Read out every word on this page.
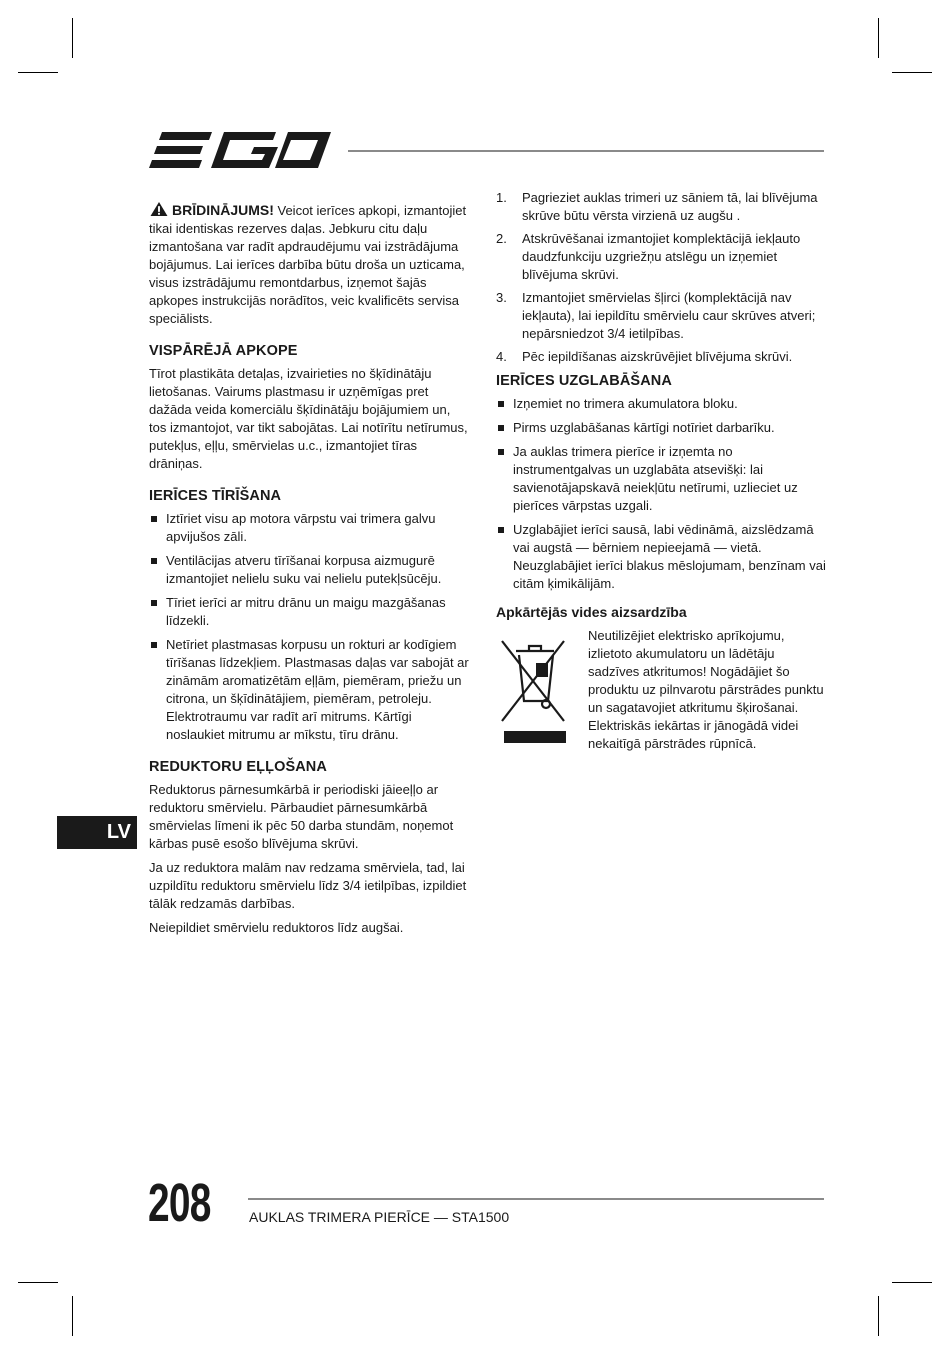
BRĪDINĀJUMS! Veicot ierīces apkopi, izmantojiet tikai identiskas rezerves daļas. Jebkuru citu daļu izmantošana var radīt apdraudējumu vai izstrādājuma bojājumus. Lai ierīces darbība būtu droša un uzticama, visus izstrādājumu remontdarbus, izņemot šajās apkopes instrukcijās norādītos, veic kvalificēts servisa speciālists.

VISPĀRĒJĀ APKOPE

Tīrot plastikāta detaļas, izvairieties no šķīdinātāju lietošanas. Vairums plastmasu ir uzņēmīgas pret dažāda veida komerciālu šķīdinātāju bojājumiem un, tos izmantojot, var tikt sabojātas. Lai notīrītu netīrumus, putekļus, eļļu, smērvielas u.c., izmantojiet tīras drāniņas.

IERĪCES TĪRĪŠANA
Iztīriet visu ap motora vārpstu vai trimera galvu apvijušos zāli.
Ventilācijas atveru tīrīšanai korpusa aizmugurē izmantojiet nelielu suku vai nelielu putekļsūcēju.
Tīriet ierīci ar mitru drānu un maigu mazgāšanas līdzekli.
Netīriet plastmasas korpusu un rokturi ar kodīgiem tīrīšanas līdzekļiem. Plastmasas daļas var sabojāt ar zināmām aromatizētām eļļām, piemēram, priežu un citrona, un šķīdinātājiem, piemēram, petroleju. Elektrotraumu var radīt arī mitrums. Kārtīgi noslaukiet mitrumu ar mīkstu, tīru drānu.
REDUKTORU EĻĻOŠANA

Reduktorus pārnesumkārbā ir periodiski jāieeļļo ar reduktoru smērvielu. Pārbaudiet pārnesumkārbā smērvielas līmeni ik pēc 50 darba stundām, noņemot kārbas pusē esošo blīvējuma skrūvi.

Ja uz reduktora malām nav redzama smērviela, tad, lai uzpildītu reduktoru smērvielu līdz 3/4 ietilpības, izpildiet tālāk redzamās darbības.

Neiepildiet smērvielu reduktoros līdz augšai.

1. Pagrieziet auklas trimeri uz sāniem tā, lai blīvējuma skrūve būtu vērsta virzienā uz augšu .
2. Atskrūvēšanai izmantojiet komplektācijā iekļauto daudzfunkciju uzgriežņu atslēgu un izņemiet blīvējuma skrūvi.
3. Izmantojiet smērvielas šļirci (komplektācijā nav iekļauta), lai iepildītu smērvielu caur skrūves atveri; nepārsniedzot 3/4 ietilpības.
4. Pēc iepildīšanas aizskrūvējiet blīvējuma skrūvi.
IERĪCES UZGLABĀŠANA
Izņemiet no trimera akumulatora bloku.
Pirms uzglabāšanas kārtīgi notīriet darbarīku.
Ja auklas trimera pierīce ir izņemta no instrumentgalvas un uzglabāta atsevišķi: lai savienotājapskavā neiekļūtu netīrumi, uzlieciet uz pierīces vārpstas uzgali.
Uzglabājiet ierīci sausā, labi vēdināmā, aizslēdzamā vai augstā — bērniem nepieejamā — vietā. Neuzglabājiet ierīci blakus mēslojumam, benzīnam vai citām ķimikālijām.
Apkārtējās vides aizsardzība
Neutilizējiet elektrisko aprīkojumu, izlietoto akumulatoru un lādētāju sadzīves atkritumos! Nogādājiet šo produktu uz pilnvarotu pārstrādes punktu un sagatavojiet atkritumu šķirošanai. Elektriskās iekārtas ir jānogādā videi nekaitīgā pārstrādes rūpnīcā.
LV
208	AUKLAS TRIMERA PIERĪCE — STA1500
